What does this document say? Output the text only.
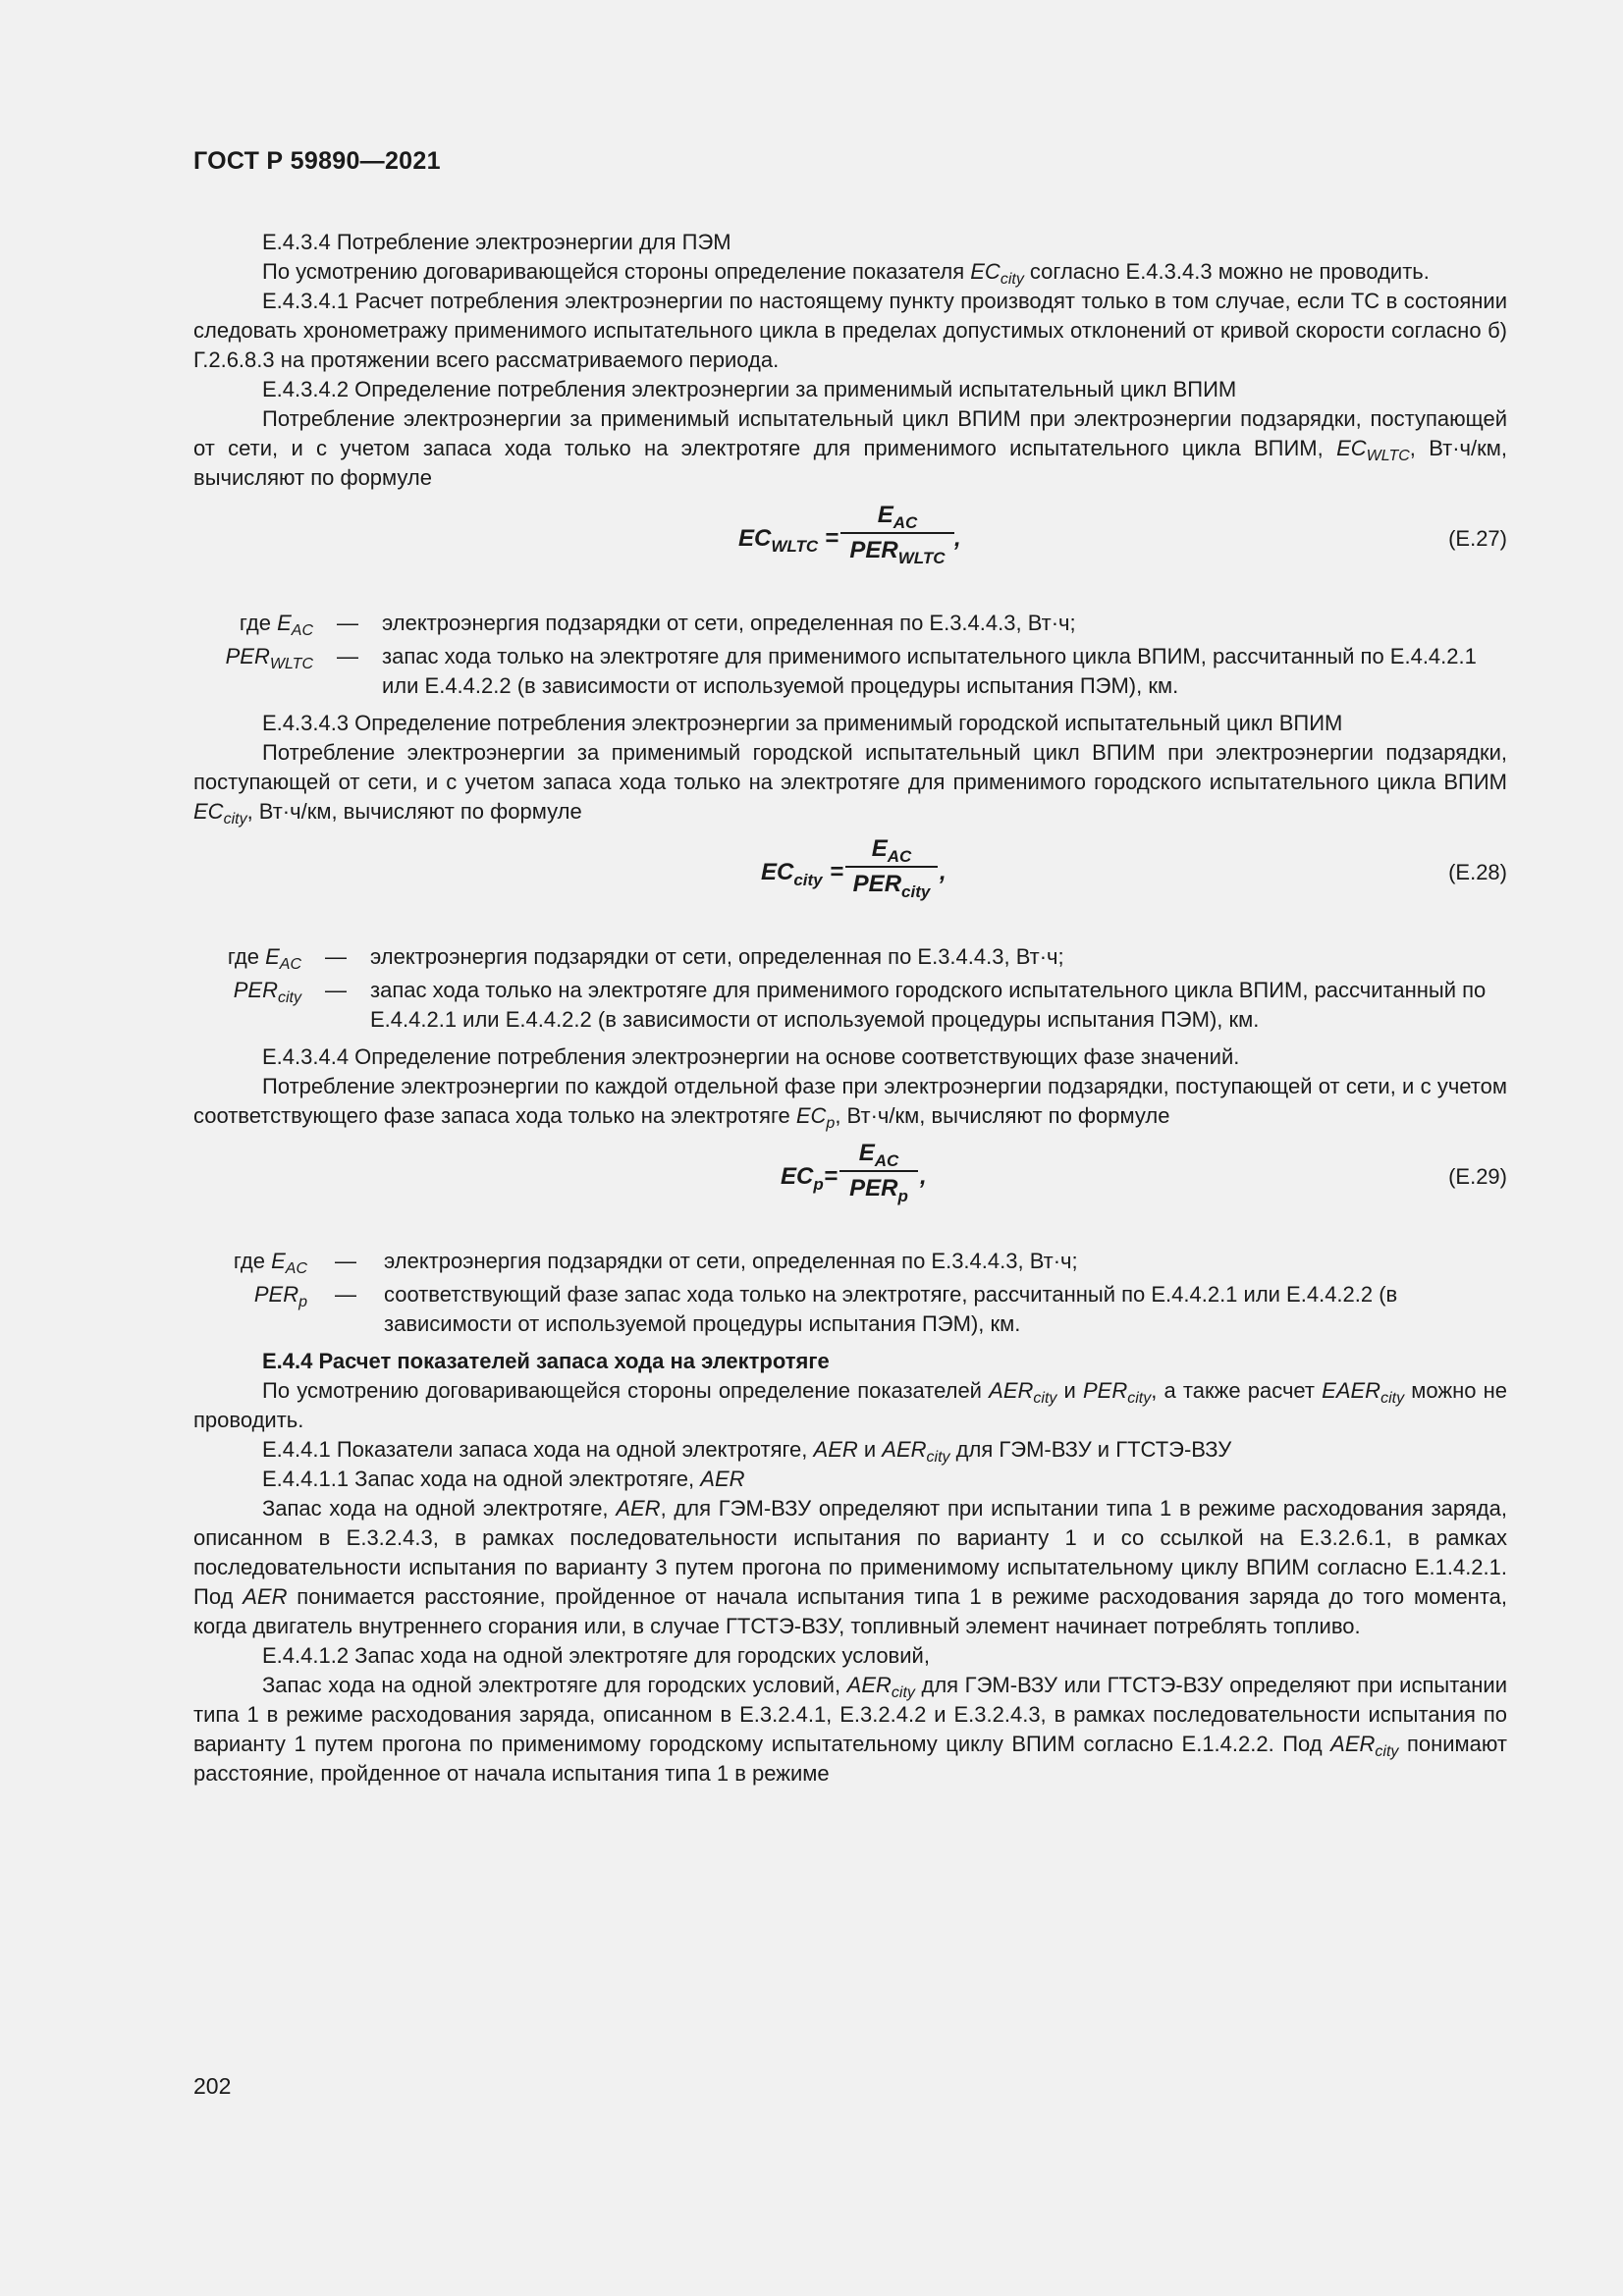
ГОСТ Р 59890—2021

E.4.3.4 Потребление электроэнергии для ПЭМ

По усмотрению договаривающейся стороны определение показателя $EC_{city}$ согласно E.4.3.4.3 можно не проводить.

E.4.3.4.1 Расчет потребления электроэнергии по настоящему пункту производят только в том случае, если ТС в состоянии следовать хронометражу применимого испытательного цикла в пределах допустимых отклонений от кривой скорости согласно б) Г.2.6.8.3 на протяжении всего рассматриваемого периода.

E.4.3.4.2 Определение потребления электроэнергии за применимый испытательный цикл ВПИМ

Потребление электроэнергии за применимый испытательный цикл ВПИМ при электроэнергии подзарядки, поступающей от сети, и с учетом запаса хода только на электротяге для применимого испытательного цикла ВПИМ, $EC_{WLTC}$, Вт·ч/км, вычисляют по формуле

$EC_{WLTC}$ =
$E_{AC}$
$PER_{WLTC}$
,	(E.27)
где $E_{AC}$	—	электроэнергия подзарядки от сети, определенная по E.3.4.4.3, Вт·ч;
$PER_{WLTC}$	—	запас хода только на электротяге для применимого испытательного цикла ВПИМ, рассчитанный по E.4.4.2.1 или E.4.4.2.2 (в зависимости от используемой процедуры испытания ПЭМ), км.

E.4.3.4.3 Определение потребления электроэнергии за применимый городской испытательный цикл ВПИМ

Потребление электроэнергии за применимый городской испытательный цикл ВПИМ при электроэнергии подзарядки, поступающей от сети, и с учетом запаса хода только на электротяге для применимого городского испытательного цикла ВПИМ $EC_{city}$, Вт·ч/км, вычисляют по формуле

$EC_{city}$ =
$E_{AC}$
$PER_{city}$
,	(E.28)
где $E_{AC}$	—	электроэнергия подзарядки от сети, определенная по E.3.4.4.3, Вт·ч;
$PER_{city}$	—	запас хода только на электротяге для применимого городского испытательного цикла ВПИМ, рассчитанный по E.4.4.2.1 или E.4.4.2.2 (в зависимости от используемой процедуры испытания ПЭМ), км.

E.4.3.4.4 Определение потребления электроэнергии на основе соответствующих фазе значений.

Потребление электроэнергии по каждой отдельной фазе при электроэнергии подзарядки, поступающей от сети, и с учетом соответствующего фазе запаса хода только на электротяге $EC_p$, Вт·ч/км, вычисляют по формуле

$EC_p$ =
$E_{AC}$
$PER_p$
,	(E.29)
где $E_{AC}$	—	электроэнергия подзарядки от сети, определенная по E.3.4.4.3, Вт·ч;
$PER_p$	—	соответствующий фазе запас хода только на электротяге, рассчитанный по E.4.4.2.1 или E.4.4.2.2 (в зависимости от используемой процедуры испытания ПЭМ), км.

E.4.4 Расчет показателей запаса хода на электротяге

По усмотрению договаривающейся стороны определение показателей $AER_{city}$ и $PER_{city}$, а также расчет $EAER_{city}$ можно не проводить.

E.4.4.1 Показатели запаса хода на одной электротяге, AER и $AER_{city}$ для ГЭМ-ВЗУ и ГТСТЭ-ВЗУ

E.4.4.1.1 Запас хода на одной электротяге, AER

Запас хода на одной электротяге, AER, для ГЭМ-ВЗУ определяют при испытании типа 1 в режиме расходования заряда, описанном в E.3.2.4.3, в рамках последовательности испытания по варианту 1 и со ссылкой на E.3.2.6.1, в рамках последовательности испытания по варианту 3 путем прогона по применимому испытательному циклу ВПИМ согласно E.1.4.2.1. Под AER понимается расстояние, пройденное от начала испытания типа 1 в режиме расходования заряда до того момента, когда двигатель внутреннего сгорания или, в случае ГТСТЭ-ВЗУ, топливный элемент начинает потреблять топливо.

E.4.4.1.2 Запас хода на одной электротяге для городских условий,

Запас хода на одной электротяге для городских условий, $AER_{city}$ для ГЭМ-ВЗУ или ГТСТЭ-ВЗУ определяют при испытании типа 1 в режиме расходования заряда, описанном в E.3.2.4.1, E.3.2.4.2 и E.3.2.4.3, в рамках последовательности испытания по варианту 1 путем прогона по применимому городскому испытательному циклу ВПИМ согласно E.1.4.2.2. Под $AER_{city}$ понимают расстояние, пройденное от начала испытания типа 1 в режиме

202
